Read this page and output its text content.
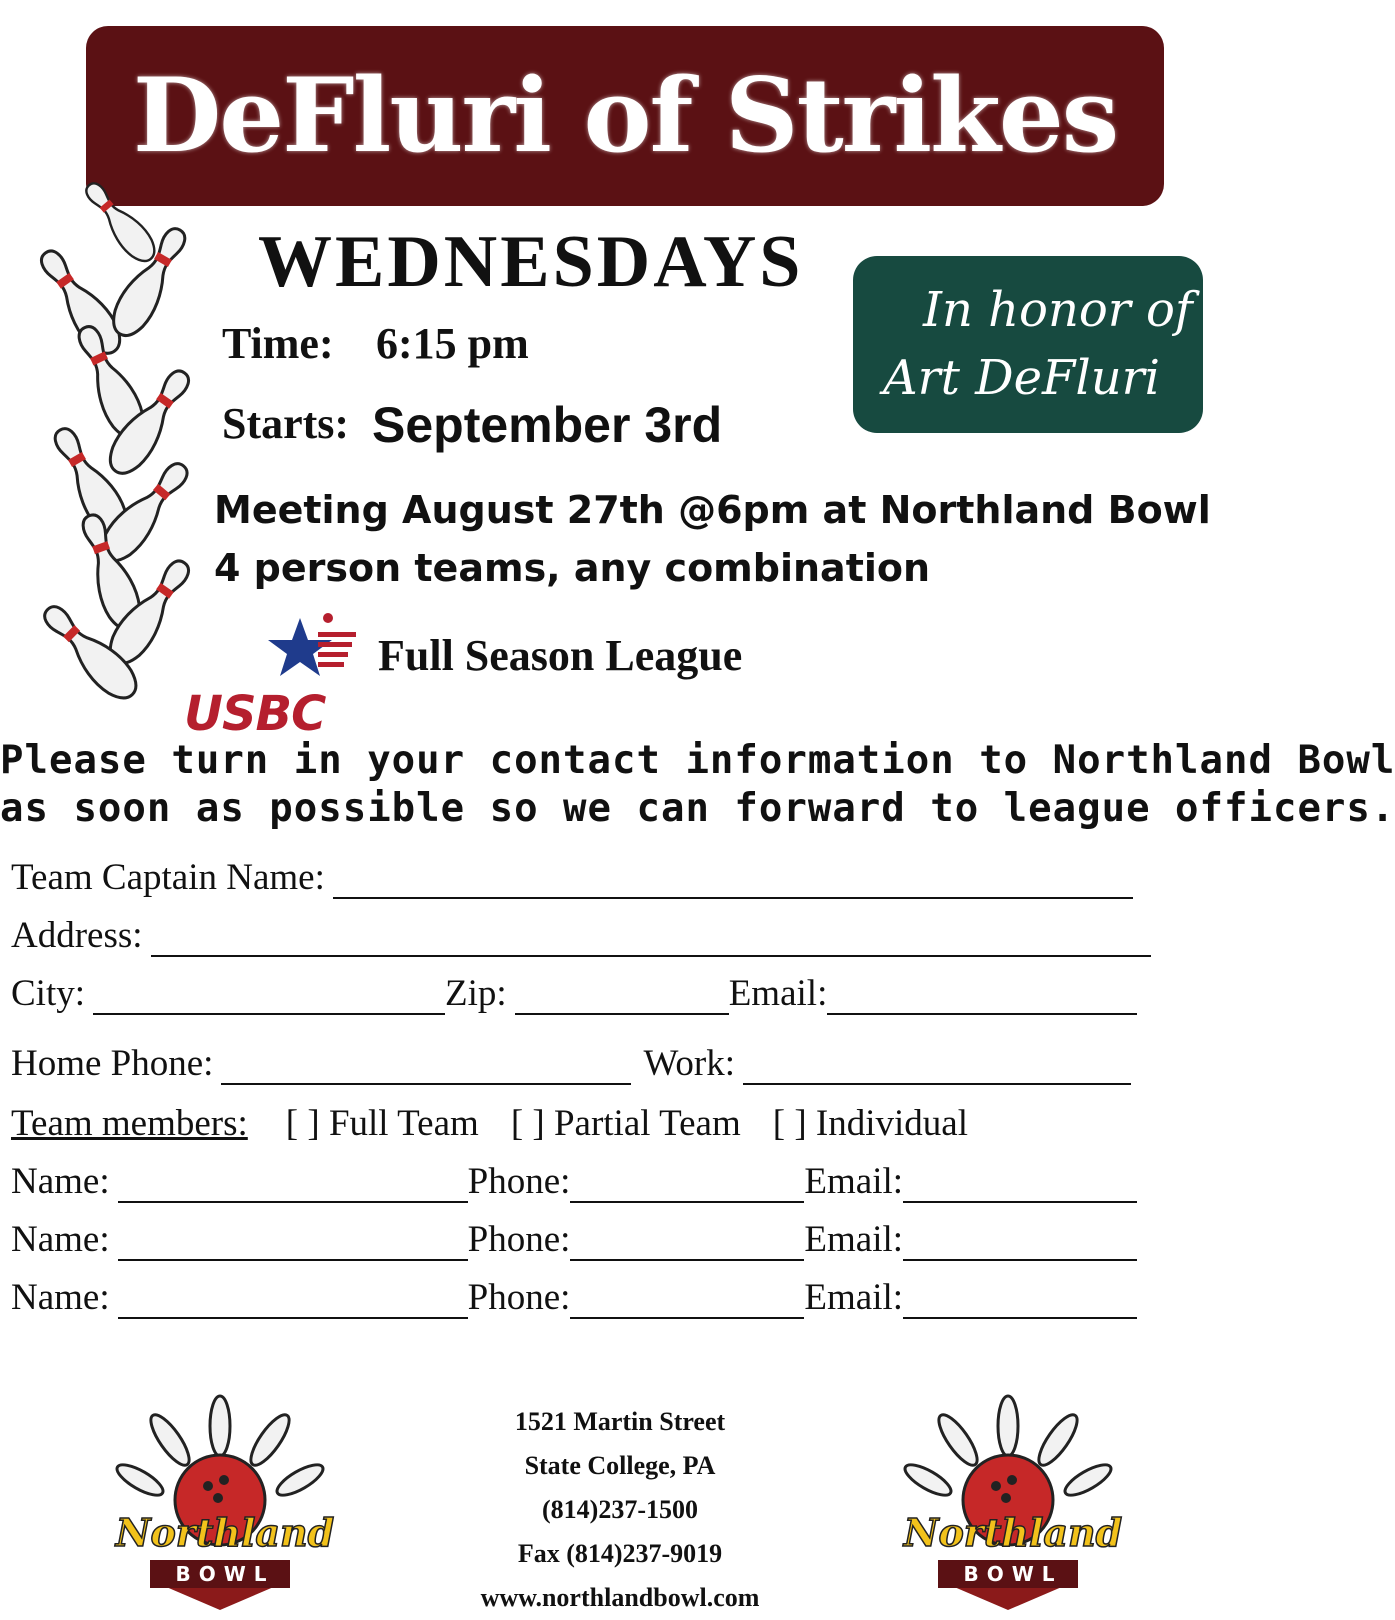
DeFluri of Strikes
WEDNESDAYS
In honor of
Art DeFluri
Time: 6:15 pm
Starts: September 3rd
Meeting August 27th @6pm at Northland Bowl
4 person teams, any combination
USBC
Full Season League
Please turn in your contact information to Northland Bowl
as soon as possible so we can forward to league officers.
Team Captain Name:
Address:
City:	Zip:	Email:
Home Phone:	Work:
Team members: [ ] Full Team [ ] Partial Team [ ] Individual
Name:	Phone:	Email:
Name:	Phone:	Email:
Name:	Phone:	Email:
1521 Martin Street
State College, PA
(814)237-1500
Fax (814)237-9019
www.northlandbowl.com
Northland
BOWL
Northland
BOWL
